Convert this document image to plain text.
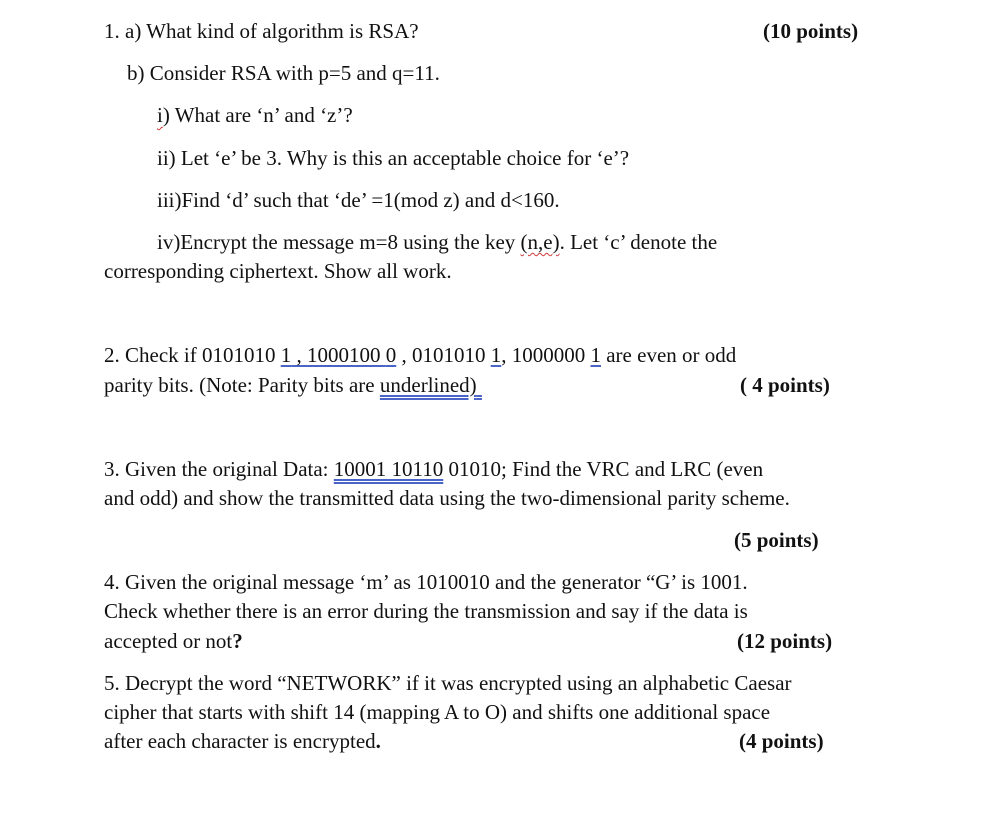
1. a) What kind of algorithm is RSA?	(10 points)
b) Consider RSA with p=5 and q=11.
i) What are ‘n’ and ‘z’?
ii) Let ‘e’ be 3. Why is this an acceptable choice for ‘e’?
iii)Find ‘d’ such that ‘de’ =1(mod z) and d<160.
iv)Encrypt the message m=8 using the key (n,e). Let ‘c’ denote the
corresponding ciphertext. Show all work.
2. Check if 0101010 1 , 1000100 0 , 0101010 1, 1000000 1 are even or odd
parity bits. (Note: Parity bits are underlined)	( 4 points)
3. Given the original Data: 10001 10110 01010; Find the VRC and LRC (even
and odd) and show the transmitted data using the two-dimensional parity scheme.
(5 points)
4. Given the original message ‘m’ as 1010010 and the generator “G’ is 1001.
Check whether there is an error during the transmission and say if the data is
accepted or not?	(12 points)
5. Decrypt the word “NETWORK” if it was encrypted using an alphabetic Caesar
cipher that starts with shift 14 (mapping A to O) and shifts one additional space
after each character is encrypted.	(4 points)
